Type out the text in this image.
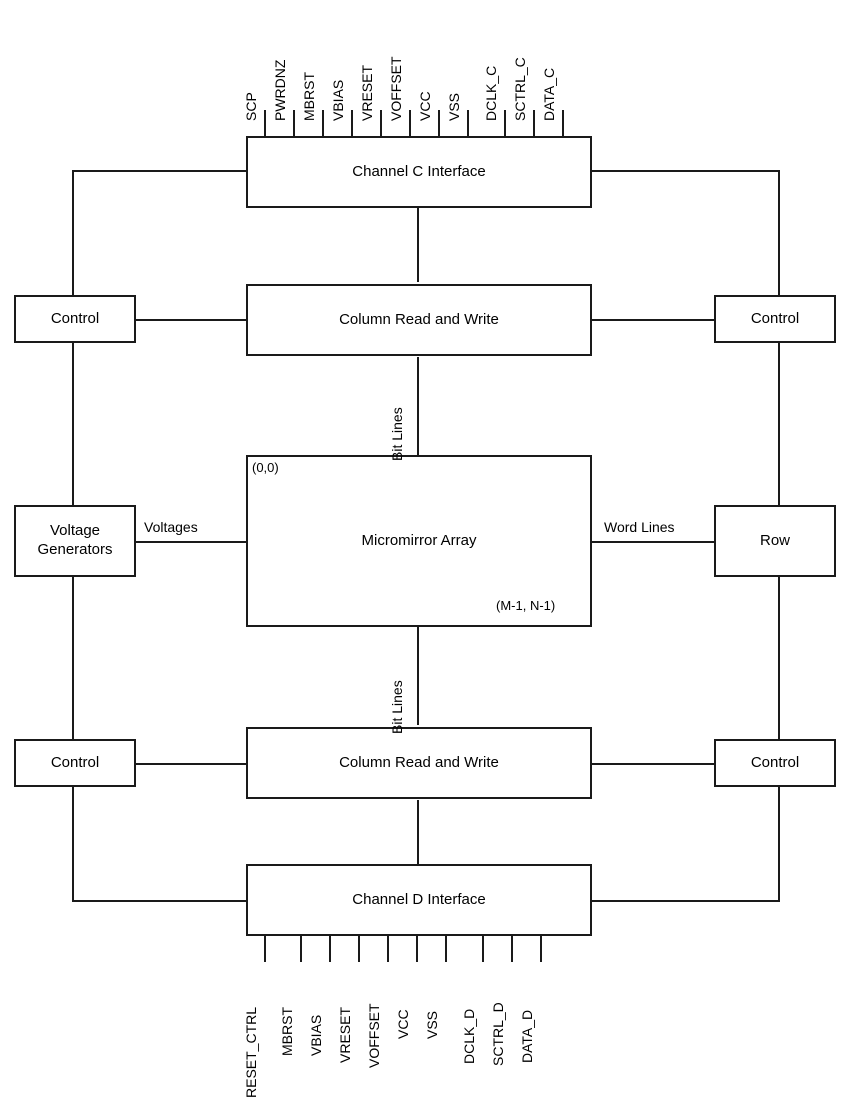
SCP PWRDNZ MBRST VBIAS VRESET VOFFSET VCC VSS DCLK_C SCTRL_C DATA_C
Channel C Interface
Column Read and Write
Micromirror Array
(0,0)
(M-1, N-1)
Column Read and Write
Channel D Interface
Control	Control
Control	Control
Voltage
Generators
Row
Bit Lines
Bit Lines
Voltages	Word Lines
RESET_CTRL MBRST VBIAS VRESET VOFFSET VCC VSS DCLK_D SCTRL_D DATA_D
